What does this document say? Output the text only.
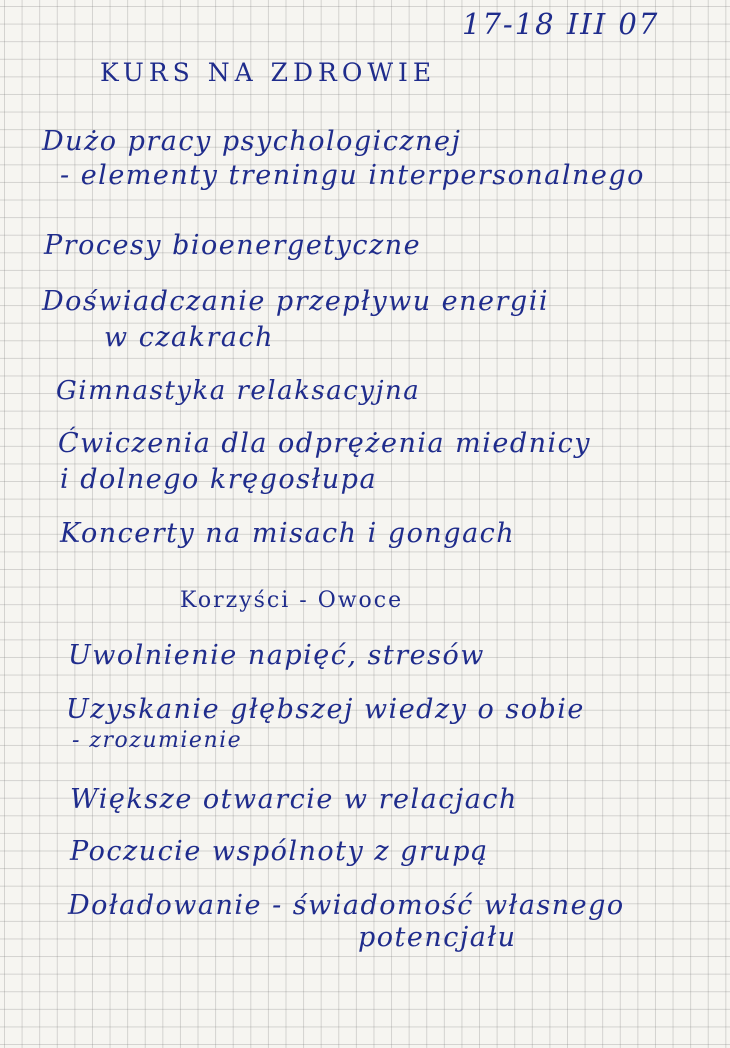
17-18 III 07
KURS NA ZDROWIE
Dużo pracy psychologicznej
- elementy treningu interpersonalnego
Procesy bioenergetyczne
Doświadczanie przepływu energii
w czakrach
Gimnastyka relaksacyjna
Ćwiczenia dla odprężenia miednicy
i dolnego kręgosłupa
Koncerty na misach i gongach
Korzyści - Owoce
Uwolnienie napięć, stresów
Uzyskanie głębszej wiedzy o sobie
- zrozumienie
Większe otwarcie w relacjach
Poczucie wspólnoty z grupą
Doładowanie - świadomość własnego
potencjału
